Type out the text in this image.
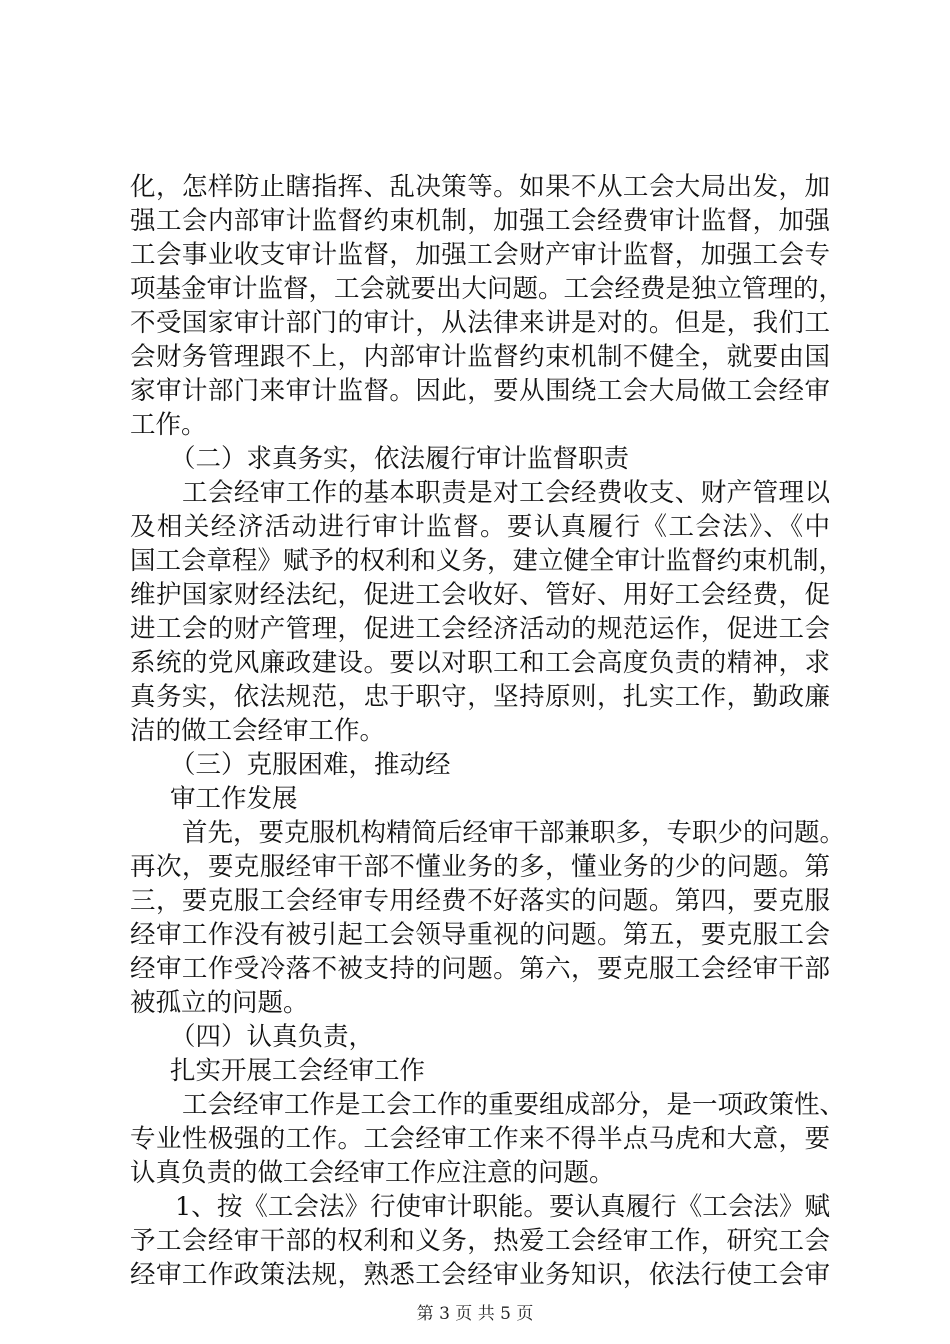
化，怎样防止瞎指挥、乱决策等。如果不从工会大局出发，加
强工会内部审计监督约束机制，加强工会经费审计监督，加强
工会事业收支审计监督，加强工会财产审计监督，加强工会专
项基金审计监督，工会就要出大问题。工会经费是独立管理的，
不受国家审计部门的审计，从法律来讲是对的。但是，我们工
会财务管理跟不上，内部审计监督约束机制不健全，就要由国
家审计部门来审计监督。因此，要从围绕工会大局做工会经审
工作。
（二）求真务实，依法履行审计监督职责
工会经审工作的基本职责是对工会经费收支、财产管理以
及相关经济活动进行审计监督。要认真履行《工会法》、《中
国工会章程》赋予的权利和义务，建立健全审计监督约束机制，
维护国家财经法纪，促进工会收好、管好、用好工会经费，促
进工会的财产管理，促进工会经济活动的规范运作，促进工会
系统的党风廉政建设。要以对职工和工会高度负责的精神，求
真务实，依法规范，忠于职守，坚持原则，扎实工作，勤政廉
洁的做工会经审工作。
（三）克服困难，推动经
审工作发展
首先，要克服机构精简后经审干部兼职多，专职少的问题。
再次，要克服经审干部不懂业务的多，懂业务的少的问题。第
三，要克服工会经审专用经费不好落实的问题。第四，要克服
经审工作没有被引起工会领导重视的问题。第五，要克服工会
经审工作受冷落不被支持的问题。第六，要克服工会经审干部
被孤立的问题。
（四）认真负责，
扎实开展工会经审工作
工会经审工作是工会工作的重要组成部分，是一项政策性、
专业性极强的工作。工会经审工作来不得半点马虎和大意，要
认真负责的做工会经审工作应注意的问题。
1、按《工会法》行使审计职能。要认真履行《工会法》赋
予工会经审干部的权利和义务，热爱工会经审工作，研究工会
经审工作政策法规，熟悉工会经审业务知识，依法行使工会审
第 3 页 共 5 页
